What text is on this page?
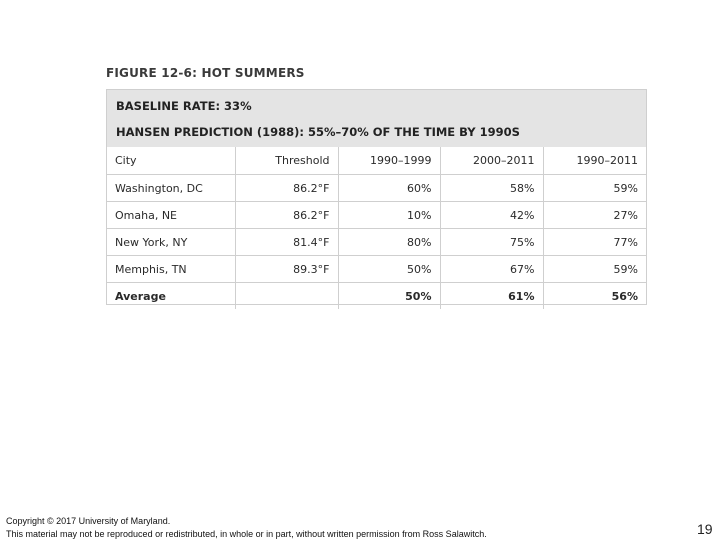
FIGURE 12-6: HOT SUMMERS
BASELINE RATE: 33%
HANSEN PREDICTION (1988): 55%–70% OF THE TIME BY 1990S
City	Threshold	1990–1999	2000–2011	1990–2011
Washington, DC	86.2°F	60%	58%	59%
Omaha, NE	86.2°F	10%	42%	27%
New York, NY	81.4°F	80%	75%	77%
Memphis, TN	89.3°F	50%	67%	59%
Average		50%	61%	56%
Copyright © 2017 University of Maryland.
This material may not be reproduced or redistributed, in whole or in part, without written permission from Ross Salawitch.	19
